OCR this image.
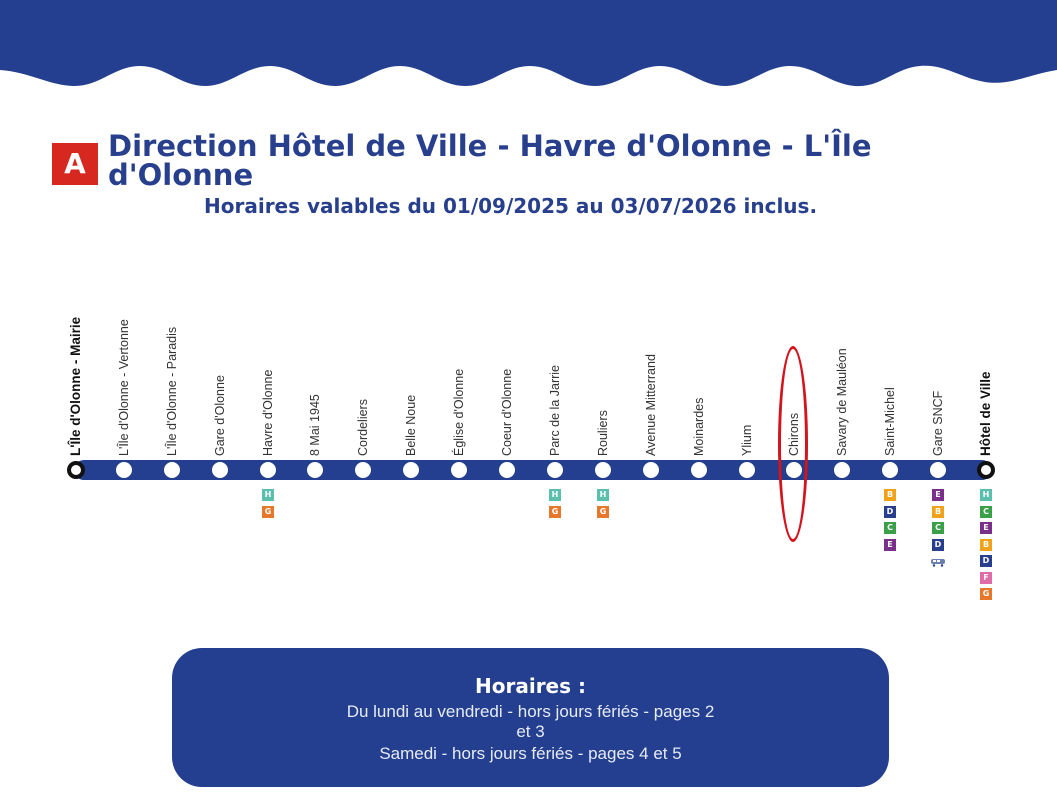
A
Direction Hôtel de Ville - Havre d'Olonne - L'Île d'Olonne
Horaires valables du 01/09/2025 au 03/07/2026 inclus.
L'Île d'Olonne - Mairie	L'Île d'Olonne - Vertonne	L'Île d'Olonne - Paradis	Gare d'Olonne	Havre d'Olonne
H
G
8 Mai 1945	Cordeliers	Belle Noue	Église d'Olonne	Coeur d'Olonne	Parc de la Jarrie
H
G
Rouliers
H
G
Avenue Mitterrand	Moinardes	Ylium	Chirons	Savary de Mauléon	Saint-Michel
B
D
C
E
Gare SNCF
E
B
C
D
Hôtel de Ville
H
C
E
B
D
F
G
Horaires :
Du lundi au vendredi - hors jours fériés - pages 2
et 3
Samedi - hors jours fériés - pages 4 et 5
